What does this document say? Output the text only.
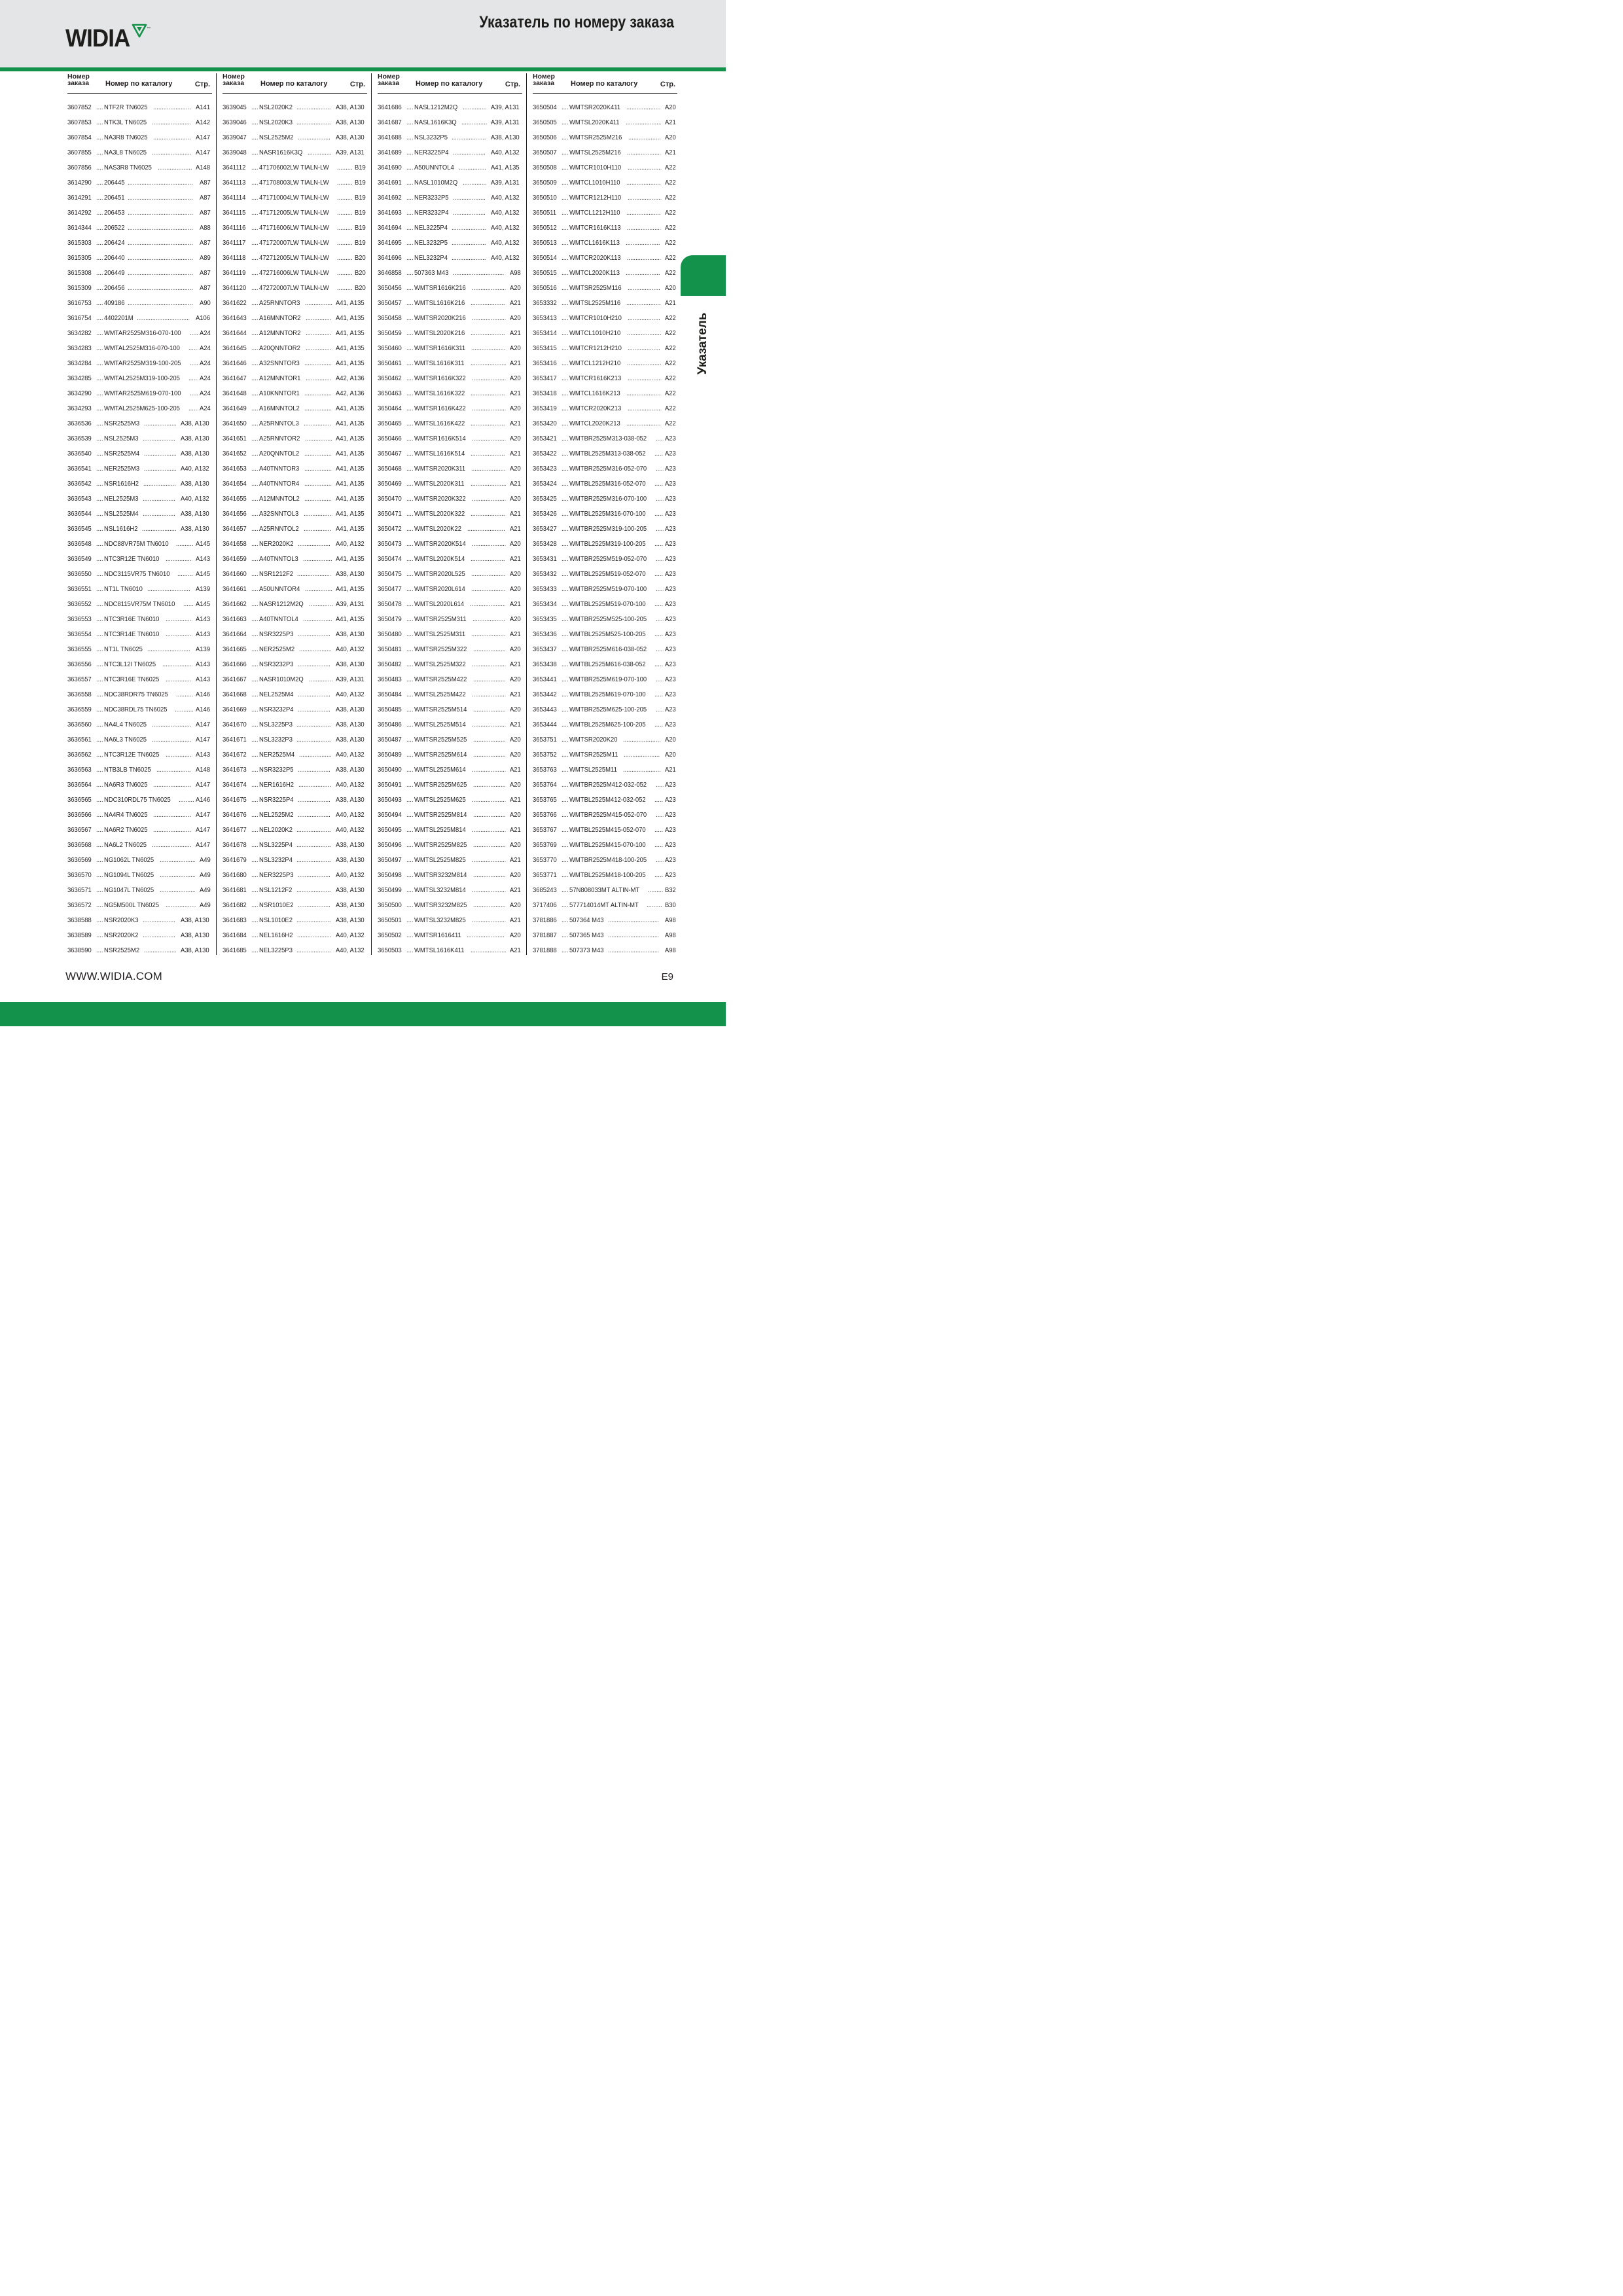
WIDIA	™	Указатель по номеру заказа
Номер
заказа Номер по каталогу	Стр.
3607852 .... NTF2R TN6025 .....	A141
3607853 .... NTK3L TN6025 .....	A142
3607854 .... NA3R8 TN6025 .....	A147
3607855 .... NA3L8 TN6025 .....	A147
3607856 .... NAS3R8 TN6025 .....	A148
3614290 .... 206445 .....	A87
3614291 .... 206451 .....	A87
3614292 .... 206453 .....	A87
3614344 .... 206522 .....	A88
3615303 .... 206424 .....	A87
3615305 .... 206440 .....	A89
3615308 .... 206449 .....	A87
3615309 .... 206456 .....	A87
3616753 .... 409186 .....	A90
3616754 .... 4402201M .....	A106
3634282 .... WMTAR2525M316-070-100 .....	A24
3634283 .... WMTAL2525M316-070-100 .....	A24
3634284 .... WMTAR2525M319-100-205 .....	A24
3634285 .... WMTAL2525M319-100-205 .....	A24
3634290 .... WMTAR2525M619-070-100 .....	A24
3634293 .... WMTAL2525M625-100-205 .....	A24
3636536 .... NSR2525M3 .....	A38, A130
3636539 .... NSL2525M3 .....	A38, A130
3636540 .... NSR2525M4 .....	A38, A130
3636541 .... NER2525M3 .....	A40, A132
3636542 .... NSR1616H2 .....	A38, A130
3636543 .... NEL2525M3 .....	A40, A132
3636544 .... NSL2525M4 .....	A38, A130
3636545 .... NSL1616H2 .....	A38, A130
3636548 .... NDC88VR75M TN6010 .....	A145
3636549 .... NTC3R12E TN6010 .....	A143
3636550 .... NDC3115VR75 TN6010 .....	A145
3636551 .... NT1L TN6010 .....	A139
3636552 .... NDC8115VR75M TN6010 .....	A145
3636553 .... NTC3R16E TN6010 .....	A143
3636554 .... NTC3R14E TN6010 .....	A143
3636555 .... NT1L TN6025 .....	A139
3636556 .... NTC3L12I TN6025 .....	A143
3636557 .... NTC3R16E TN6025 .....	A143
3636558 .... NDC38RDR75 TN6025 .....	A146
3636559 .... NDC38RDL75 TN6025 .....	A146
3636560 .... NA4L4 TN6025 .....	A147
3636561 .... NA6L3 TN6025 .....	A147
3636562 .... NTC3R12E TN6025 .....	A143
3636563 .... NTB3LB TN6025 .....	A148
3636564 .... NA6R3 TN6025 .....	A147
3636565 .... NDC310RDL75 TN6025 .....	A146
3636566 .... NA4R4 TN6025 .....	A147
3636567 .... NA6R2 TN6025 .....	A147
3636568 .... NA6L2 TN6025 .....	A147
3636569 .... NG1062L TN6025 .....	A49
3636570 .... NG1094L TN6025 .....	A49
3636571 .... NG1047L TN6025 .....	A49
3636572 .... NG5M500L TN6025 .....	A49
3638588 .... NSR2020K3 .....	A38, A130
3638589 .... NSR2020K2 .....	A38, A130
3638590 .... NSR2525M2 .....	A38, A130
Номер
заказа Номер по каталогу	Стр.
3639045 .... NSL2020K2 .....	A38, A130
3639046 .... NSL2020K3 .....	A38, A130
3639047 .... NSL2525M2 .....	A38, A130
3639048 .... NASR1616K3Q .....	A39, A131
3641112 .... 471706002LW TIALN-LW .....	B19
3641113 .... 471708003LW TIALN-LW .....	B19
3641114 .... 471710004LW TIALN-LW .....	B19
3641115 .... 471712005LW TIALN-LW .....	B19
3641116 .... 471716006LW TIALN-LW .....	B19
3641117 .... 471720007LW TIALN-LW .....	B19
3641118 .... 472712005LW TIALN-LW .....	B20
3641119 .... 472716006LW TIALN-LW .....	B20
3641120 .... 472720007LW TIALN-LW .....	B20
3641622 .... A25RNNTOR3 .....	A41, A135
3641643 .... A16MNNTOR2 .....	A41, A135
3641644 .... A12MNNTOR2 .....	A41, A135
3641645 .... A20QNNTOR2 .....	A41, A135
3641646 .... A32SNNTOR3 .....	A41, A135
3641647 .... A12MNNTOR1 .....	A42, A136
3641648 .... A10KNNTOR1 .....	A42, A136
3641649 .... A16MNNTOL2 .....	A41, A135
3641650 .... A25RNNTOL3 .....	A41, A135
3641651 .... A25RNNTOR2 .....	A41, A135
3641652 .... A20QNNTOL2 .....	A41, A135
3641653 .... A40TNNTOR3 .....	A41, A135
3641654 .... A40TNNTOR4 .....	A41, A135
3641655 .... A12MNNTOL2 .....	A41, A135
3641656 .... A32SNNTOL3 .....	A41, A135
3641657 .... A25RNNTOL2 .....	A41, A135
3641658 .... NER2020K2 .....	A40, A132
3641659 .... A40TNNTOL3 .....	A41, A135
3641660 .... NSR1212F2 .....	A38, A130
3641661 .... A50UNNTOR4 .....	A41, A135
3641662 .... NASR1212M2Q .....	A39, A131
3641663 .... A40TNNTOL4 .....	A41, A135
3641664 .... NSR3225P3 .....	A38, A130
3641665 .... NER2525M2 .....	A40, A132
3641666 .... NSR3232P3 .....	A38, A130
3641667 .... NASR1010M2Q .....	A39, A131
3641668 .... NEL2525M4 .....	A40, A132
3641669 .... NSR3232P4 .....	A38, A130
3641670 .... NSL3225P3 .....	A38, A130
3641671 .... NSL3232P3 .....	A38, A130
3641672 .... NER2525M4 .....	A40, A132
3641673 .... NSR3232P5 .....	A38, A130
3641674 .... NER1616H2 .....	A40, A132
3641675 .... NSR3225P4 .....	A38, A130
3641676 .... NEL2525M2 .....	A40, A132
3641677 .... NEL2020K2 .....	A40, A132
3641678 .... NSL3225P4 .....	A38, A130
3641679 .... NSL3232P4 .....	A38, A130
3641680 .... NER3225P3 .....	A40, A132
3641681 .... NSL1212F2 .....	A38, A130
3641682 .... NSR1010E2 .....	A38, A130
3641683 .... NSL1010E2 .....	A38, A130
3641684 .... NEL1616H2 .....	A40, A132
3641685 .... NEL3225P3 .....	A40, A132
Номер
заказа Номер по каталогу	Стр.
3641686 .... NASL1212M2Q .....	A39, A131
3641687 .... NASL1616K3Q .....	A39, A131
3641688 .... NSL3232P5 .....	A38, A130
3641689 .... NER3225P4 .....	A40, A132
3641690 .... A50UNNTOL4 .....	A41, A135
3641691 .... NASL1010M2Q .....	A39, A131
3641692 .... NER3232P5 .....	A40, A132
3641693 .... NER3232P4 .....	A40, A132
3641694 .... NEL3225P4 .....	A40, A132
3641695 .... NEL3232P5 .....	A40, A132
3641696 .... NEL3232P4 .....	A40, A132
3646858 .... 507363 M43 .....	A98
3650456 .... WMTSR1616K216 .....	A20
3650457 .... WMTSL1616K216 .....	A21
3650458 .... WMTSR2020K216 .....	A20
3650459 .... WMTSL2020K216 .....	A21
3650460 .... WMTSR1616K311 .....	A20
3650461 .... WMTSL1616K311 .....	A21
3650462 .... WMTSR1616K322 .....	A20
3650463 .... WMTSL1616K322 .....	A21
3650464 .... WMTSR1616K422 .....	A20
3650465 .... WMTSL1616K422 .....	A21
3650466 .... WMTSR1616K514 .....	A20
3650467 .... WMTSL1616K514 .....	A21
3650468 .... WMTSR2020K311 .....	A20
3650469 .... WMTSL2020K311 .....	A21
3650470 .... WMTSR2020K322 .....	A20
3650471 .... WMTSL2020K322 .....	A21
3650472 .... WMTSL2020K22 .....	A21
3650473 .... WMTSR2020K514 .....	A20
3650474 .... WMTSL2020K514 .....	A21
3650475 .... WMTSR2020L525 .....	A20
3650477 .... WMTSR2020L614 .....	A20
3650478 .... WMTSL2020L614 .....	A21
3650479 .... WMTSR2525M311 .....	A20
3650480 .... WMTSL2525M311 .....	A21
3650481 .... WMTSR2525M322 .....	A20
3650482 .... WMTSL2525M322 .....	A21
3650483 .... WMTSR2525M422 .....	A20
3650484 .... WMTSL2525M422 .....	A21
3650485 .... WMTSR2525M514 .....	A20
3650486 .... WMTSL2525M514 .....	A21
3650487 .... WMTSR2525M525 .....	A20
3650489 .... WMTSR2525M614 .....	A20
3650490 .... WMTSL2525M614 .....	A21
3650491 .... WMTSR2525M625 .....	A20
3650493 .... WMTSL2525M625 .....	A21
3650494 .... WMTSR2525M814 .....	A20
3650495 .... WMTSL2525M814 .....	A21
3650496 .... WMTSR2525M825 .....	A20
3650497 .... WMTSL2525M825 .....	A21
3650498 .... WMTSR3232M814 .....	A20
3650499 .... WMTSL3232M814 .....	A21
3650500 .... WMTSR3232M825 .....	A20
3650501 .... WMTSL3232M825 .....	A21
3650502 .... WMTSR1616411 .....	A20
3650503 .... WMTSL1616K411 .....	A21
Номер
заказа Номер по каталогу	Стр.
3650504 .... WMTSR2020K411 .....	A20
3650505 .... WMTSL2020K411 .....	A21
3650506 .... WMTSR2525M216 .....	A20
3650507 .... WMTSL2525M216 .....	A21
3650508 .... WMTCR1010H110 .....	A22
3650509 .... WMTCL1010H110 .....	A22
3650510 .... WMTCR1212H110 .....	A22
3650511 .... WMTCL1212H110 .....	A22
3650512 .... WMTCR1616K113 .....	A22
3650513 .... WMTCL1616K113 .....	A22
3650514 .... WMTCR2020K113 .....	A22
3650515 .... WMTCL2020K113 .....	A22
3650516 .... WMTSR2525M116 .....	A20
3653332 .... WMTSL2525M116 .....	A21
3653413 .... WMTCR1010H210 .....	A22
3653414 .... WMTCL1010H210 .....	A22
3653415 .... WMTCR1212H210 .....	A22
3653416 .... WMTCL1212H210 .....	A22
3653417 .... WMTCR1616K213 .....	A22
3653418 .... WMTCL1616K213 .....	A22
3653419 .... WMTCR2020K213 .....	A22
3653420 .... WMTCL2020K213 .....	A22
3653421 .... WMTBR2525M313-038-052 .....	A23
3653422 .... WMTBL2525M313-038-052 .....	A23
3653423 .... WMTBR2525M316-052-070 .....	A23
3653424 .... WMTBL2525M316-052-070 .....	A23
3653425 .... WMTBR2525M316-070-100 .....	A23
3653426 .... WMTBL2525M316-070-100 .....	A23
3653427 .... WMTBR2525M319-100-205 .....	A23
3653428 .... WMTBL2525M319-100-205 .....	A23
3653431 .... WMTBR2525M519-052-070 .....	A23
3653432 .... WMTBL2525M519-052-070 .....	A23
3653433 .... WMTBR2525M519-070-100 .....	A23
3653434 .... WMTBL2525M519-070-100 .....	A23
3653435 .... WMTBR2525M525-100-205 .....	A23
3653436 .... WMTBL2525M525-100-205 .....	A23
3653437 .... WMTBR2525M616-038-052 .....	A23
3653438 .... WMTBL2525M616-038-052 .....	A23
3653441 .... WMTBR2525M619-070-100 .....	A23
3653442 .... WMTBL2525M619-070-100 .....	A23
3653443 .... WMTBR2525M625-100-205 .....	A23
3653444 .... WMTBL2525M625-100-205 .....	A23
3653751 .... WMTSR2020K20 .....	A20
3653752 .... WMTSR2525M11 .....	A20
3653763 .... WMTSL2525M11 .....	A21
3653764 .... WMTBR2525M412-032-052 .....	A23
3653765 .... WMTBL2525M412-032-052 .....	A23
3653766 .... WMTBR2525M415-052-070 .....	A23
3653767 .... WMTBL2525M415-052-070 .....	A23
3653769 .... WMTBL2525M415-070-100 .....	A23
3653770 .... WMTBR2525M418-100-205 .....	A23
3653771 .... WMTBL2525M418-100-205 .....	A23
3685243 .... 57N808033MT ALTIN-MT .....	B32
3717406 .... 577714014MT ALTIN-MT .....	B30
3781886 .... 507364 M43 .....	A98
3781887 .... 507365 M43 .....	A98
3781888 .... 507373 M43 .....	A98
Указатель
WWW.WIDIA.COM	E9
